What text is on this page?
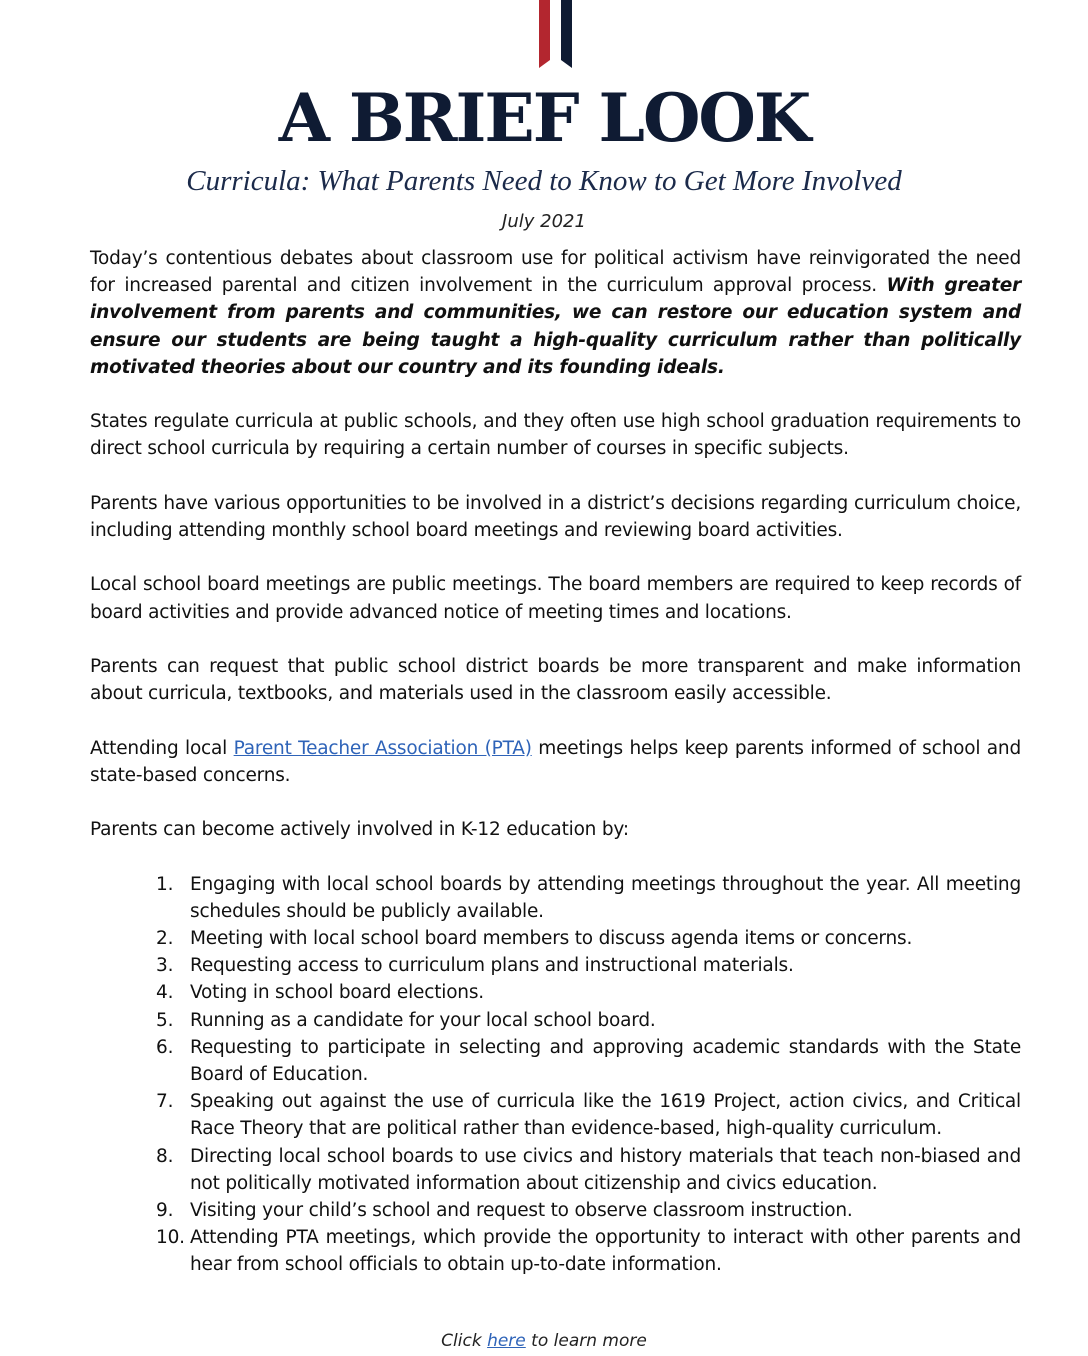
A BRIEF LOOK
Curricula: What Parents Need to Know to Get More Involved
July 2021

Today’s contentious debates about classroom use for political activism have reinvigorated the need for increased parental and citizen involvement in the curriculum approval process. With greater involvement from parents and communities, we can restore our education system and ensure our students are being taught a high-quality curriculum rather than politically motivated theories about our country and its founding ideals.

States regulate curricula at public schools, and they often use high school graduation requirements to direct school curricula by requiring a certain number of courses in specific subjects.

Parents have various opportunities to be involved in a district’s decisions regarding curriculum choice, including attending monthly school board meetings and reviewing board activities.

Local school board meetings are public meetings. The board members are required to keep records of board activities and provide advanced notice of meeting times and locations.

Parents can request that public school district boards be more transparent and make information about curricula, textbooks, and materials used in the classroom easily accessible.

Attending local Parent Teacher Association (PTA) meetings helps keep parents informed of school and state-based concerns.

Parents can become actively involved in K-12 education by:

1. Engaging with local school boards by attending meetings throughout the year. All meeting schedules should be publicly available.
2. Meeting with local school board members to discuss agenda items or concerns.
3. Requesting access to curriculum plans and instructional materials.
4. Voting in school board elections.
5. Running as a candidate for your local school board.
6. Requesting to participate in selecting and approving academic standards with the State Board of Education.
7. Speaking out against the use of curricula like the 1619 Project, action civics, and Critical Race Theory that are political rather than evidence-based, high-quality curriculum.
8. Directing local school boards to use civics and history materials that teach non-biased and not politically motivated information about citizenship and civics education.
9. Visiting your child’s school and request to observe classroom instruction.
10. Attending PTA meetings, which provide the opportunity to interact with other parents and hear from school officials to obtain up-to-date information.
Click here to learn more
